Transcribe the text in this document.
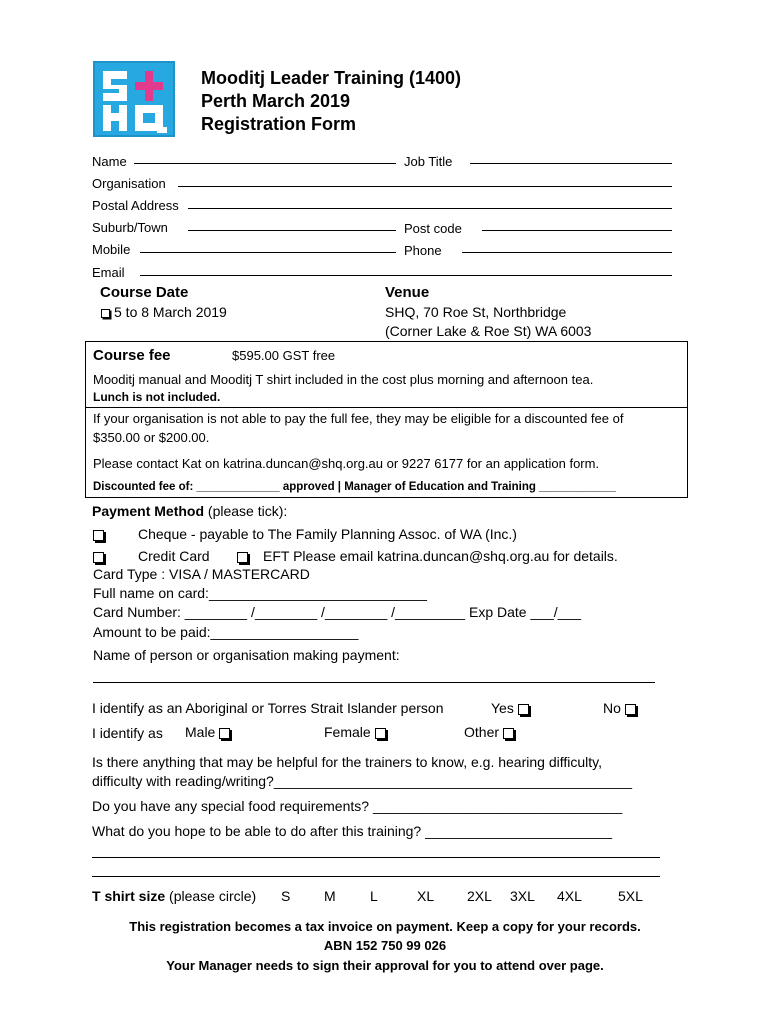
Mooditj Leader Training (1400)
Perth March 2019
Registration Form
Name	Job Title
Organisation
Postal Address
Suburb/Town	Post code
Mobile	Phone
Email
Course Date
5 to 8 March 2019
Venue
SHQ, 70 Roe St, Northbridge
(Corner Lake & Roe St) WA 6003
Course fee	$595.00 GST free
Mooditj manual and Mooditj T shirt included in the cost plus morning and afternoon tea.
Lunch is not included.
If your organisation is not able to pay the full fee, they may be eligible for a discounted fee of
$350.00 or $200.00.
Please contact Kat on katrina.duncan@shq.org.au or 9227 6177 for an application form.
Discounted fee of: _____________ approved | Manager of Education and Training ____________
Payment Method (please tick):
Cheque - payable to The Family Planning Assoc. of WA (Inc.)
Credit Card	EFT Please email katrina.duncan@shq.org.au for details.
Card Type : VISA / MASTERCARD
Full name on card:____________________________
Card Number: ________ /________ /________ /_________ Exp Date ___/___
Amount to be paid:___________________
Name of person or organisation making payment:
I identify as an Aboriginal or Torres Strait Islander person	Yes	No
I identify as Male	Female	Other
Is there anything that may be helpful for the trainers to know, e.g. hearing difficulty,
difficulty with reading/writing?______________________________________________
Do you have any special food requirements? ________________________________
What do you hope to be able to do after this training? ________________________
T shirt size (please circle) S M L	XL 2XL 3XL 4XL	5XL
This registration becomes a tax invoice on payment. Keep a copy for your records.
ABN 152 750 99 026
Your Manager needs to sign their approval for you to attend over page.
